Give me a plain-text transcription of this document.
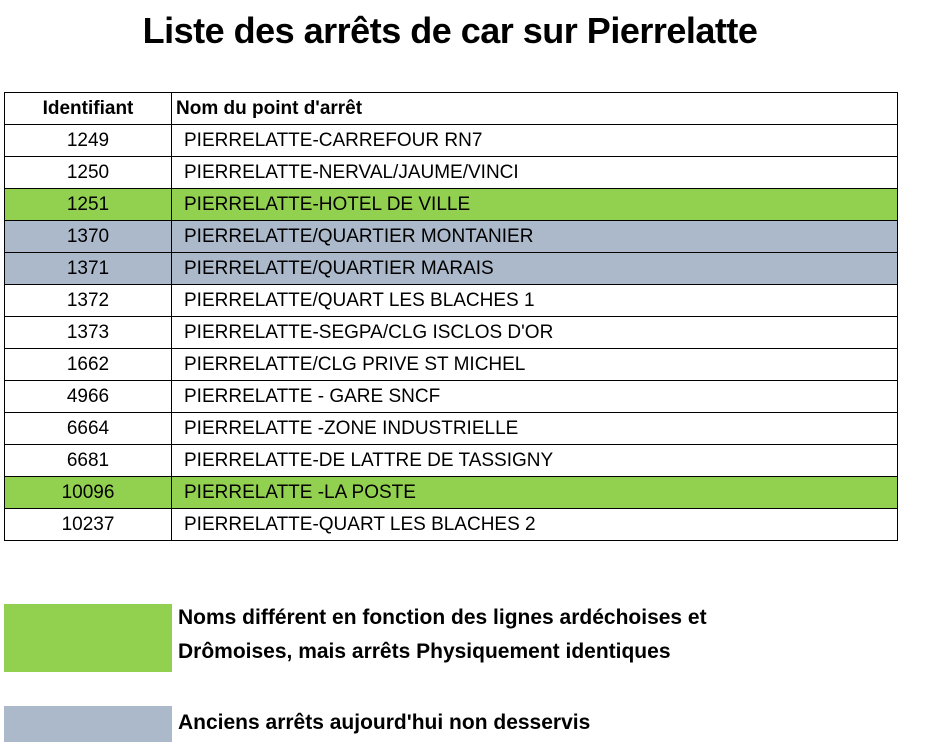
Liste des arrêts de car sur Pierrelatte
Identifiant	Nom du point d'arrêt
1249	PIERRELATTE-CARREFOUR RN7
1250	PIERRELATTE-NERVAL/JAUME/VINCI
1251	PIERRELATTE-HOTEL DE VILLE
1370	PIERRELATTE/QUARTIER MONTANIER
1371	PIERRELATTE/QUARTIER MARAIS
1372	PIERRELATTE/QUART LES BLACHES 1
1373	PIERRELATTE-SEGPA/CLG ISCLOS D'OR
1662	PIERRELATTE/CLG PRIVE ST MICHEL
4966	PIERRELATTE - GARE SNCF
6664	PIERRELATTE -ZONE INDUSTRIELLE
6681	PIERRELATTE-DE LATTRE DE TASSIGNY
10096	PIERRELATTE -LA POSTE
10237	PIERRELATTE-QUART LES BLACHES 2
Noms différent en fonction des lignes ardéchoises et
Drômoises, mais arrêts Physiquement identiques
Anciens arrêts aujourd'hui non desservis
